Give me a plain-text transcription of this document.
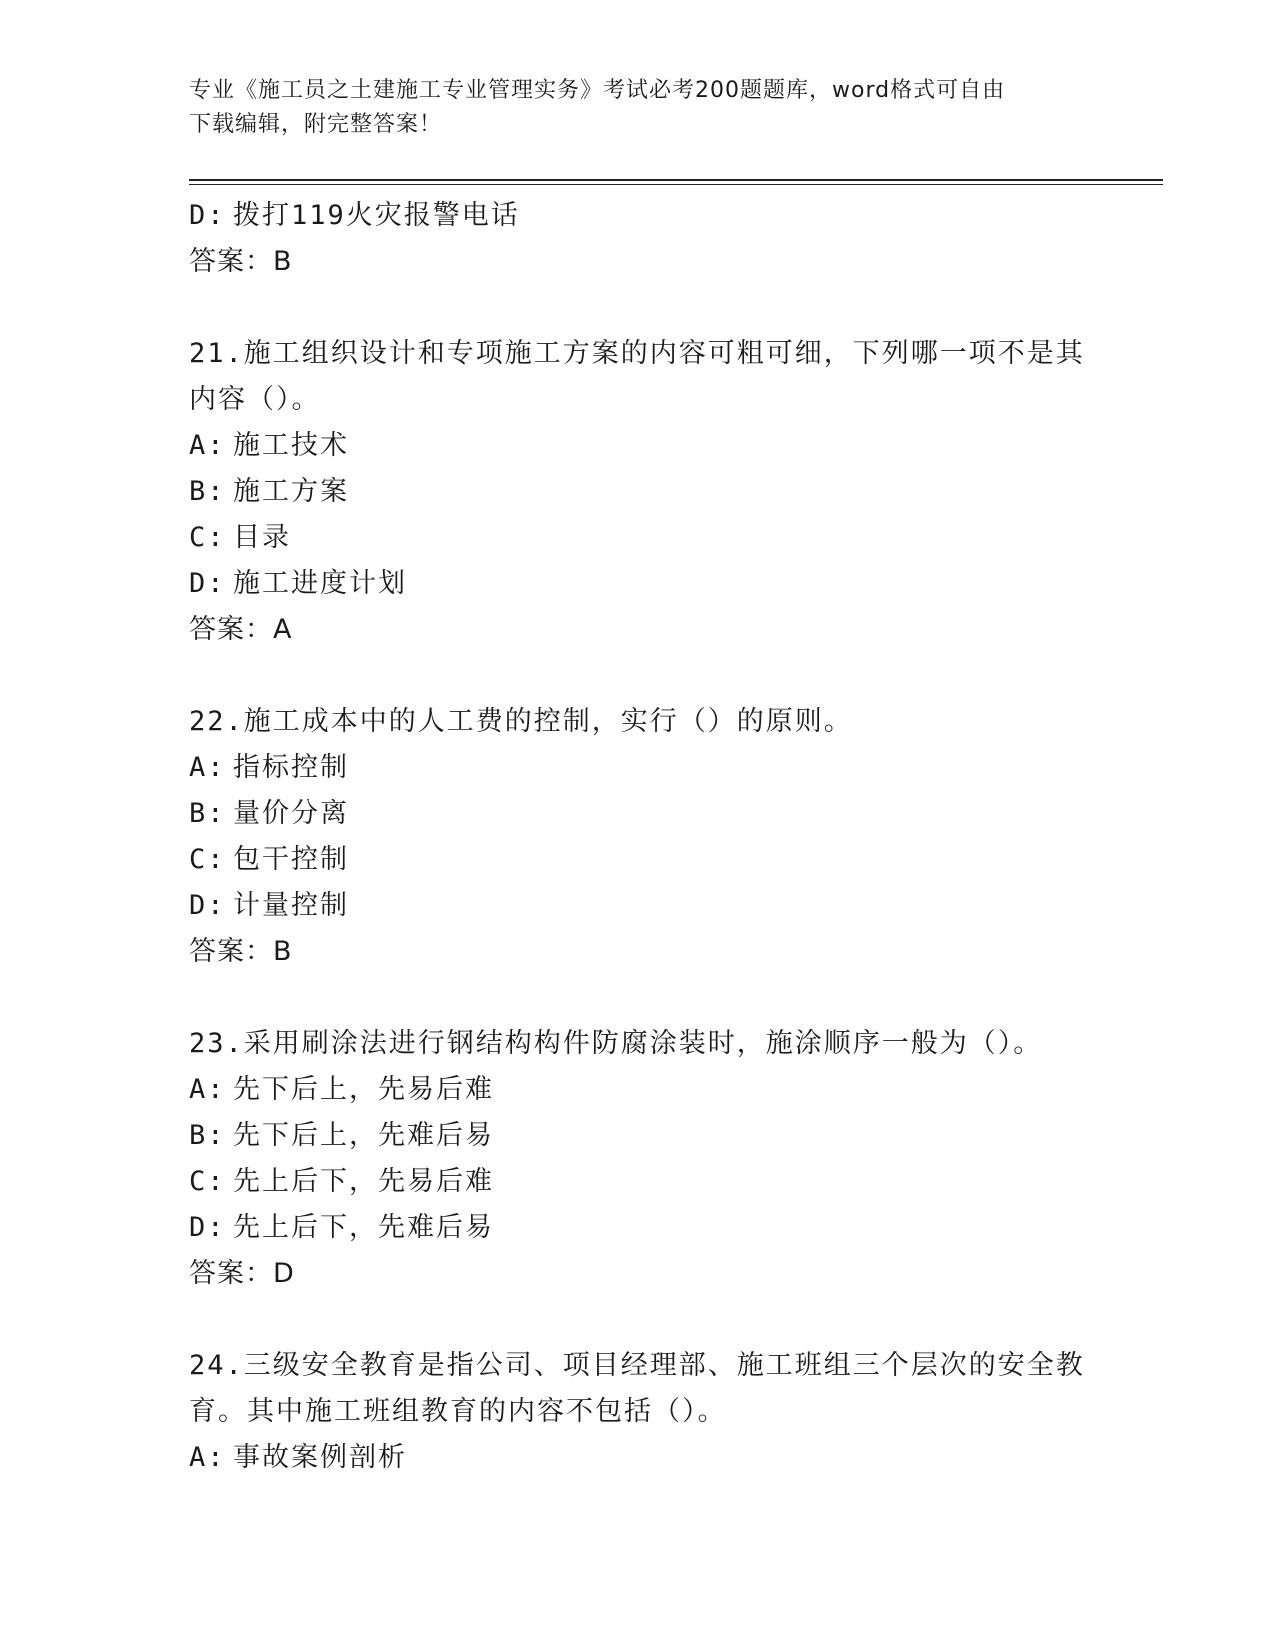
专业《施工员之土建施工专业管理实务》考试必考200题题库，word格式可自由
下载编辑，附完整答案！
D: 拨打119火灾报警电话
答案：B
21.施工组织设计和专项施工方案的内容可粗可细，下列哪一项不是其
内容（）。
A: 施工技术
B: 施工方案
C: 目录
D: 施工进度计划
答案：A
22.施工成本中的人工费的控制，实行（）的原则。
A: 指标控制
B: 量价分离
C: 包干控制
D: 计量控制
答案：B
23.采用刷涂法进行钢结构构件防腐涂装时，施涂顺序一般为（）。
A: 先下后上，先易后难
B: 先下后上，先难后易
C: 先上后下，先易后难
D: 先上后下，先难后易
答案：D
24.三级安全教育是指公司、项目经理部、施工班组三个层次的安全教
育。其中施工班组教育的内容不包括（）。
A: 事故案例剖析
